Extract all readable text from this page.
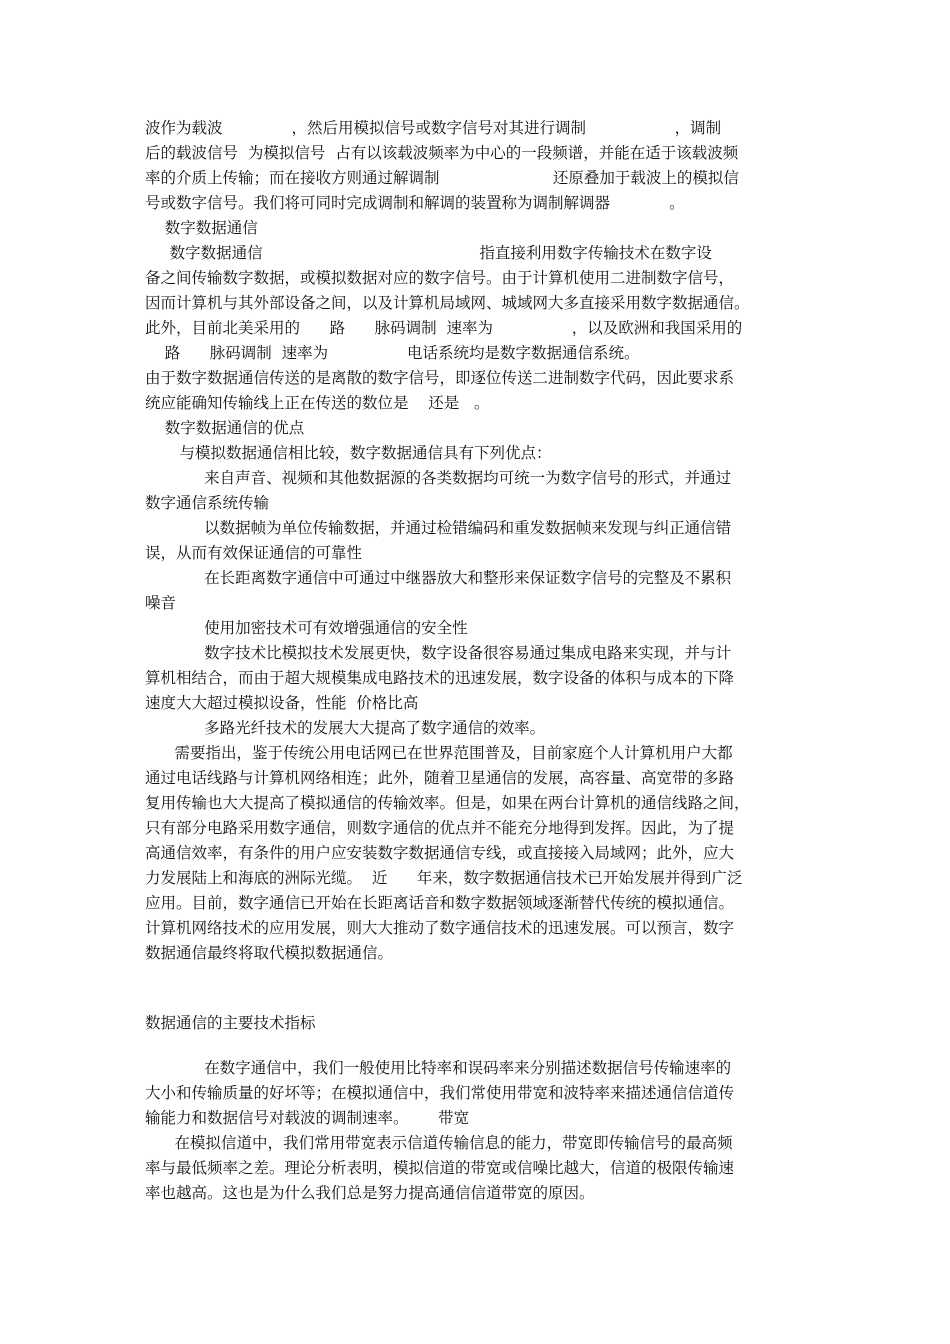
波作为载波              ，然后用模拟信号或数字信号对其进行调制                  ，调制

后的载波信号  为模拟信号  占有以该载波频率为中心的一段频谱，并能在适于该载波频

率的介质上传输；而在接收方则通过解调制                       还原叠加于载波上的模拟信

号或数字信号。我们将可同时完成调制和解调的装置称为调制解调器            。

数字数据通信

数字数据通信                                            指直接利用数字传输技术在数字设

备之间传输数字数据，或模拟数据对应的数字信号。由于计算机使用二进制数字信号，

因而计算机与其外部设备之间，以及计算机局域网、城域网大多直接采用数字数据通信。

此外，目前北美采用的      路      脉码调制  速率为                ，以及欧洲和我国采用的

路      脉码调制  速率为                电话系统均是数字数据通信系统。

由于数字数据通信传送的是离散的数字信号，即逐位传送二进制数字代码，因此要求系

统应能确知传输线上正在传送的数位是    还是   。

数字数据通信的优点

与模拟数据通信相比较，数字数据通信具有下列优点：

来自声音、视频和其他数据源的各类数据均可统一为数字信号的形式，并通过

数字通信系统传输

以数据帧为单位传输数据，并通过检错编码和重发数据帧来发现与纠正通信错

误，从而有效保证通信的可靠性

在长距离数字通信中可通过中继器放大和整形来保证数字信号的完整及不累积

噪音

使用加密技术可有效增强通信的安全性

数字技术比模拟技术发展更快，数字设备很容易通过集成电路来实现，并与计

算机相结合，而由于超大规模集成电路技术的迅速发展，数字设备的体积与成本的下降

速度大大超过模拟设备，性能  价格比高

多路光纤技术的发展大大提高了数字通信的效率。

需要指出，鉴于传统公用电话网已在世界范围普及，目前家庭个人计算机用户大都

通过电话线路与计算机网络相连；此外，随着卫星通信的发展，高容量、高宽带的多路

复用传输也大大提高了模拟通信的传输效率。但是，如果在两台计算机的通信线路之间，

只有部分电路采用数字通信，则数字通信的优点并不能充分地得到发挥。因此，为了提

高通信效率，有条件的用户应安装数字数据通信专线，或直接接入局域网；此外，应大

力发展陆上和海底的洲际光缆。  近      年来，数字数据通信技术已开始发展并得到广泛

应用。目前，数字通信已开始在长距离话音和数字数据领域逐渐替代传统的模拟通信。

计算机网络技术的应用发展，则大大推动了数字通信技术的迅速发展。可以预言，数字

数据通信最终将取代模拟数据通信。

数据通信的主要技术指标

在数字通信中，我们一般使用比特率和误码率来分别描述数据信号传输速率的

大小和传输质量的好坏等；在模拟通信中，我们常使用带宽和波特率来描述通信信道传

输能力和数据信号对载波的调制速率。      带宽

在模拟信道中，我们常用带宽表示信道传输信息的能力，带宽即传输信号的最高频

率与最低频率之差。理论分析表明，模拟信道的带宽或信噪比越大，信道的极限传输速

率也越高。这也是为什么我们总是努力提高通信信道带宽的原因。
